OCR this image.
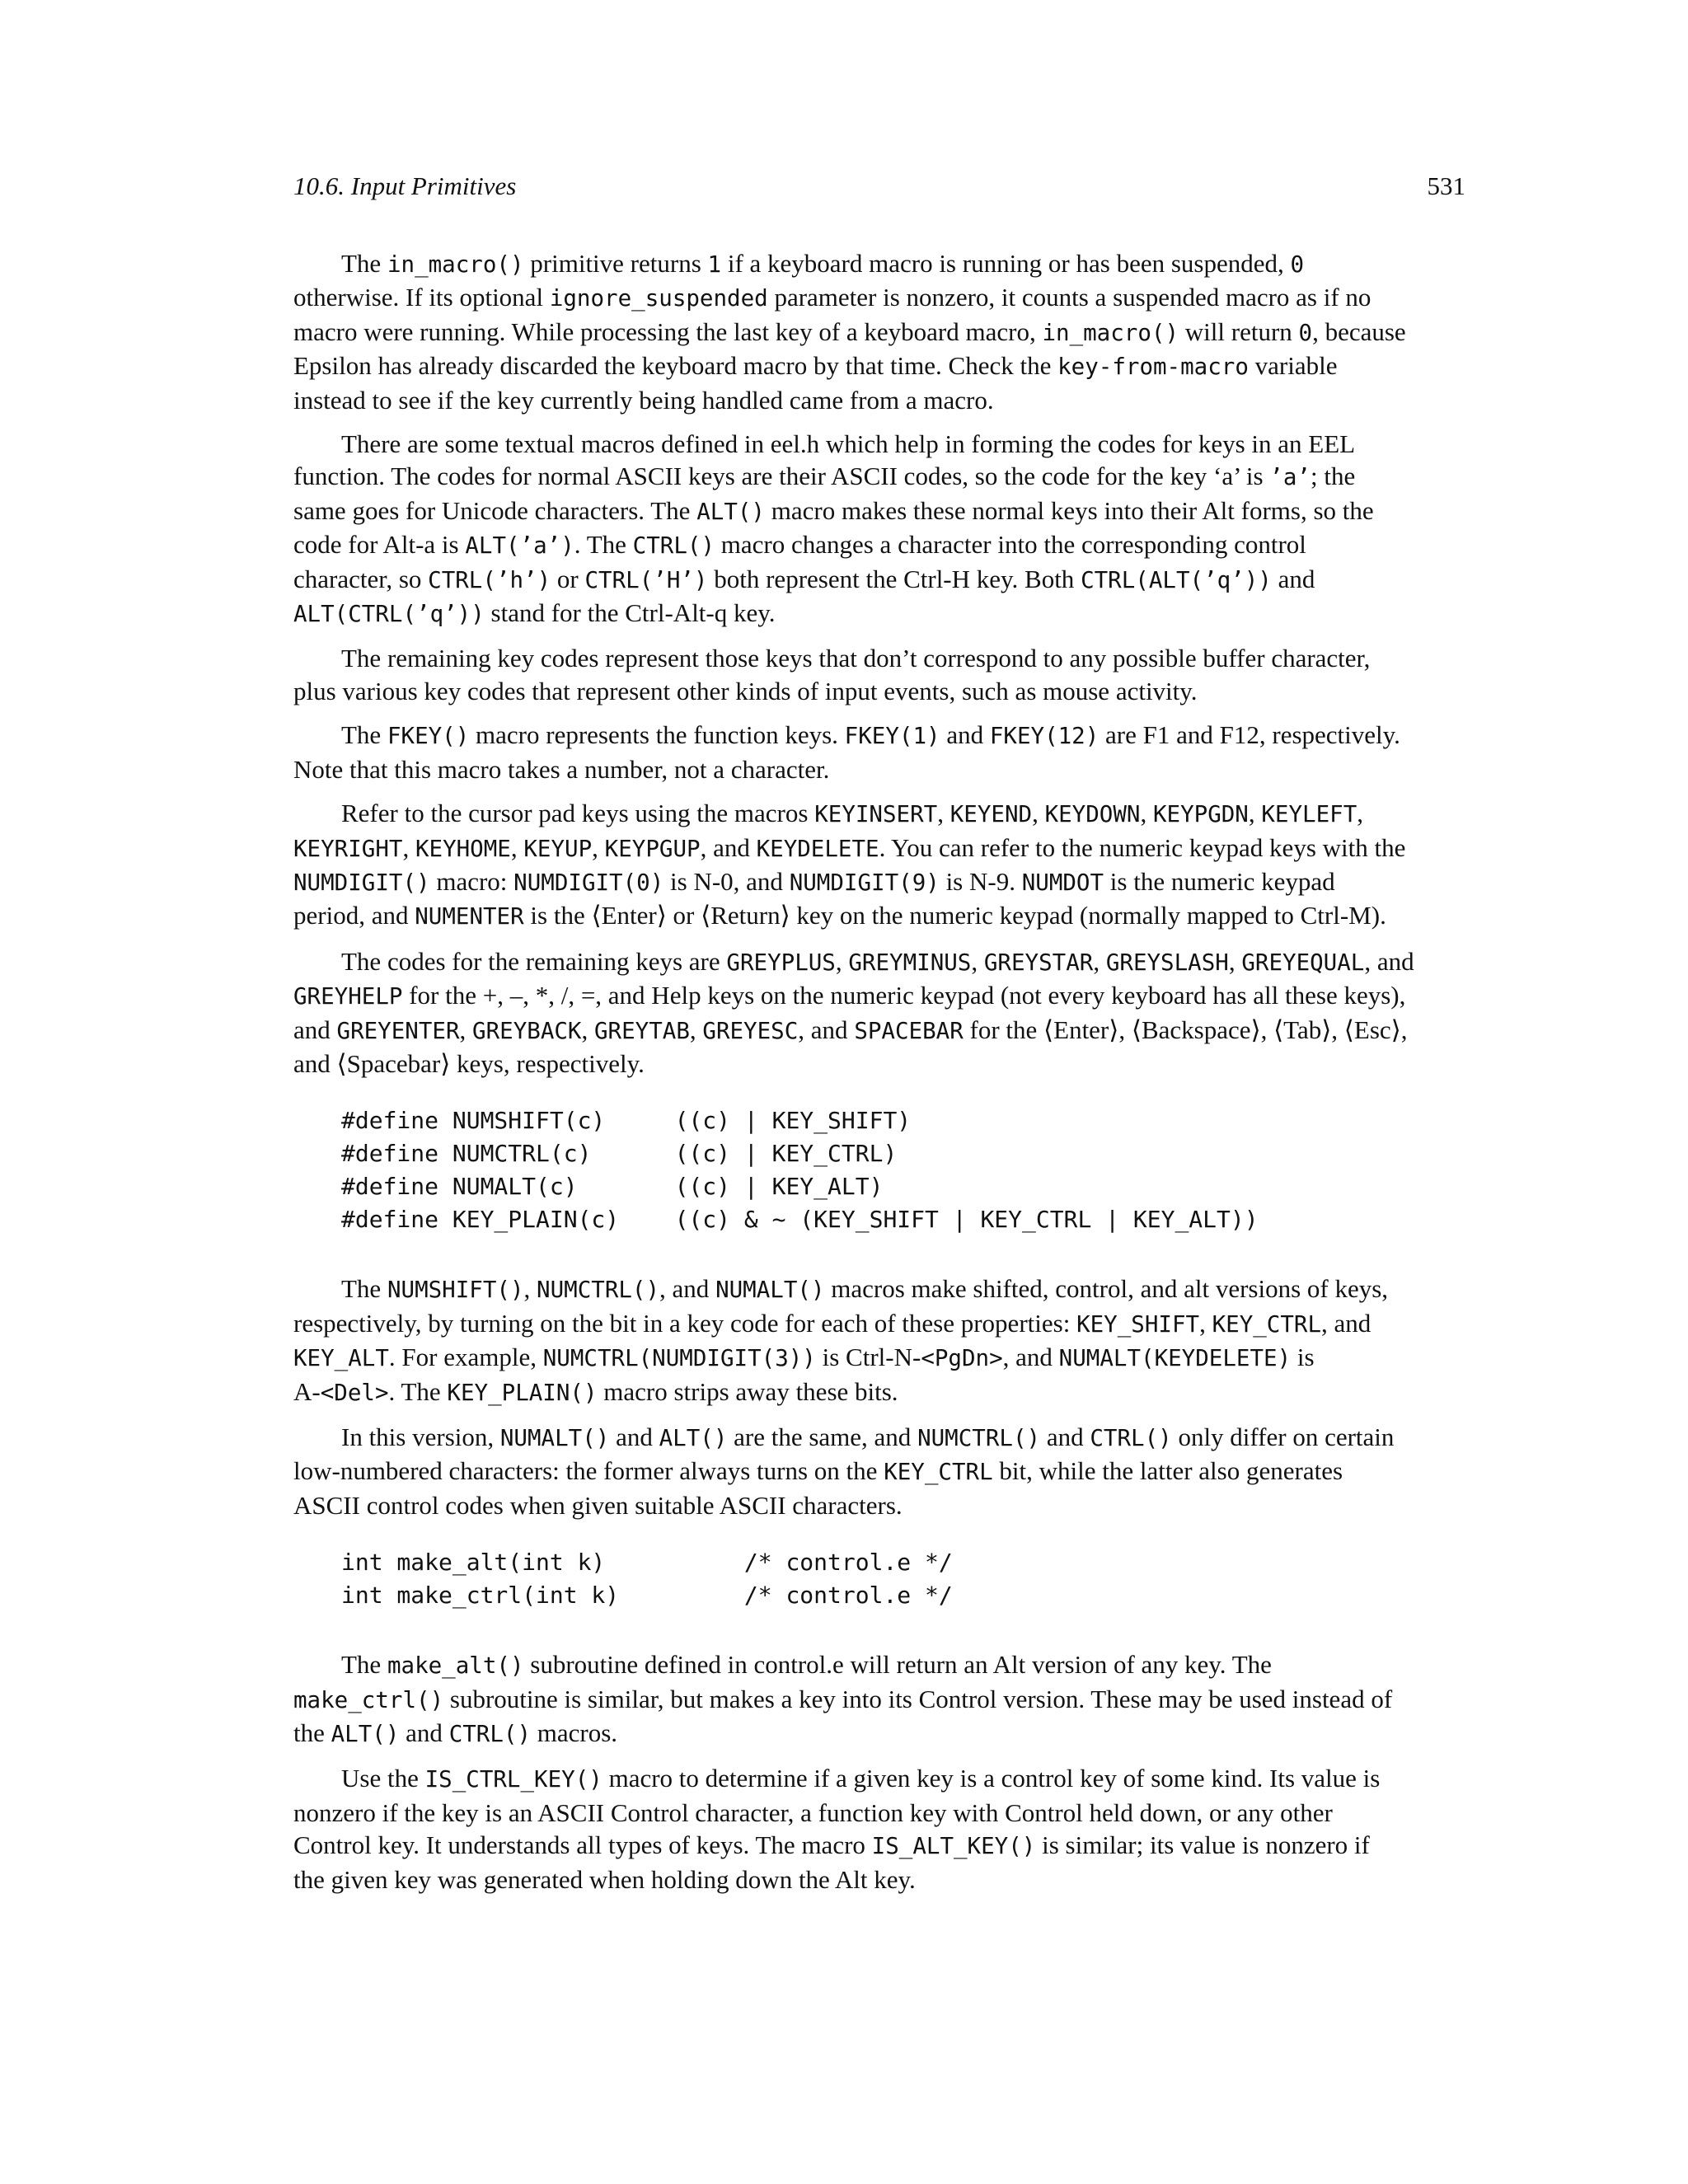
10.6. Input Primitives	531

The in_macro() primitive returns 1 if a keyboard macro is running or has been suspended, 0
otherwise. If its optional ignore_suspended parameter is nonzero, it counts a suspended macro as if no
macro were running. While processing the last key of a keyboard macro, in_macro() will return 0, because
Epsilon has already discarded the keyboard macro by that time. Check the key-from-macro variable
instead to see if the key currently being handled came from a macro.

There are some textual macros defined in eel.h which help in forming the codes for keys in an EEL
function. The codes for normal ASCII keys are their ASCII codes, so the code for the key ‘a’ is ’a’; the
same goes for Unicode characters. The ALT() macro makes these normal keys into their Alt forms, so the
code for Alt-a is ALT(’a’). The CTRL() macro changes a character into the corresponding control
character, so CTRL(’h’) or CTRL(’H’) both represent the Ctrl-H key. Both CTRL(ALT(’q’)) and
ALT(CTRL(’q’)) stand for the Ctrl-Alt-q key.

The remaining key codes represent those keys that don’t correspond to any possible buffer character,
plus various key codes that represent other kinds of input events, such as mouse activity.

The FKEY() macro represents the function keys. FKEY(1) and FKEY(12) are F1 and F12, respectively.
Note that this macro takes a number, not a character.

Refer to the cursor pad keys using the macros KEYINSERT, KEYEND, KEYDOWN, KEYPGDN, KEYLEFT,
KEYRIGHT, KEYHOME, KEYUP, KEYPGUP, and KEYDELETE. You can refer to the numeric keypad keys with the
NUMDIGIT() macro: NUMDIGIT(0) is N-0, and NUMDIGIT(9) is N-9. NUMDOT is the numeric keypad
period, and NUMENTER is the ⟨Enter⟩ or ⟨Return⟩ key on the numeric keypad (normally mapped to Ctrl-M).

The codes for the remaining keys are GREYPLUS, GREYMINUS, GREYSTAR, GREYSLASH, GREYEQUAL, and
GREYHELP for the +, –, *, /, =, and Help keys on the numeric keypad (not every keyboard has all these keys),
and GREYENTER, GREYBACK, GREYTAB, GREYESC, and SPACEBAR for the ⟨Enter⟩, ⟨Backspace⟩, ⟨Tab⟩, ⟨Esc⟩,
and ⟨Spacebar⟩ keys, respectively.

#define NUMSHIFT(c)     ((c) | KEY_SHIFT)
#define NUMCTRL(c)      ((c) | KEY_CTRL)
#define NUMALT(c)       ((c) | KEY_ALT)
#define KEY_PLAIN(c)    ((c) & ~ (KEY_SHIFT | KEY_CTRL | KEY_ALT))

The NUMSHIFT(), NUMCTRL(), and NUMALT() macros make shifted, control, and alt versions of keys,
respectively, by turning on the bit in a key code for each of these properties: KEY_SHIFT, KEY_CTRL, and
KEY_ALT. For example, NUMCTRL(NUMDIGIT(3)) is Ctrl-N-<PgDn>, and NUMALT(KEYDELETE) is
A-<Del>. The KEY_PLAIN() macro strips away these bits.

In this version, NUMALT() and ALT() are the same, and NUMCTRL() and CTRL() only differ on certain
low-numbered characters: the former always turns on the KEY_CTRL bit, while the latter also generates
ASCII control codes when given suitable ASCII characters.

int make_alt(int k)          /* control.e */
int make_ctrl(int k)         /* control.e */

The make_alt() subroutine defined in control.e will return an Alt version of any key. The
make_ctrl() subroutine is similar, but makes a key into its Control version. These may be used instead of
the ALT() and CTRL() macros.

Use the IS_CTRL_KEY() macro to determine if a given key is a control key of some kind. Its value is
nonzero if the key is an ASCII Control character, a function key with Control held down, or any other
Control key. It understands all types of keys. The macro IS_ALT_KEY() is similar; its value is nonzero if
the given key was generated when holding down the Alt key.
